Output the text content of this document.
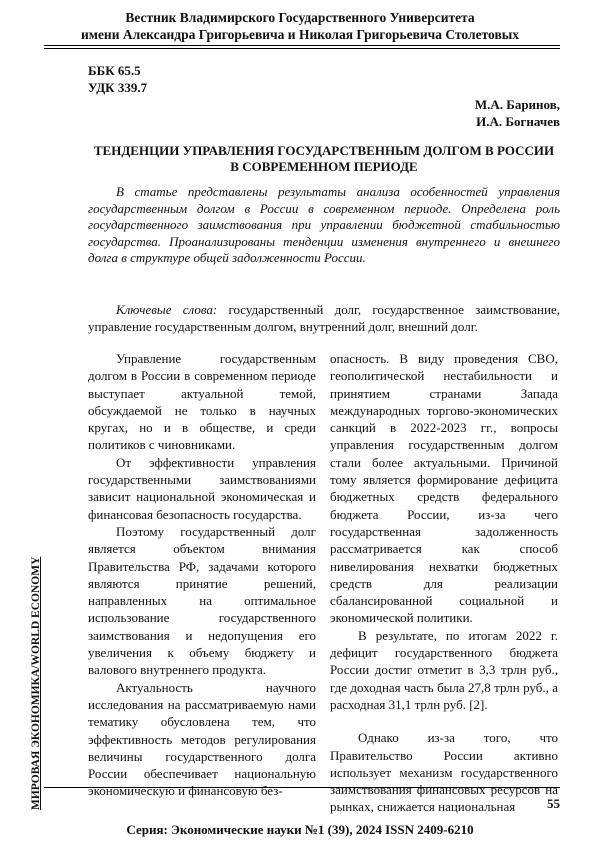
Вестник Владимирского Государственного Университета
имени Александра Григорьевича и Николая Григорьевича Столетовых
ББК 65.5
УДК 339.7
М.А. Баринов,
И.А. Богначев
ТЕНДЕНЦИИ УПРАВЛЕНИЯ ГОСУДАРСТВЕННЫМ ДОЛГОМ В РОССИИ В СОВРЕМЕННОМ ПЕРИОДЕ
В статье представлены результаты анализа особенностей управления государственным долгом в России в современном периоде. Определена роль государственного заимствования при управлении бюджетной стабильностью государства. Проанализированы тенденции изменения внутреннего и внешнего долга в структуре общей задолженности России.
Ключевые слова: государственный долг, государственное заимствование, управление государственным долгом, внутренний долг, внешний долг.

Управление государственным долгом в России в современном периоде выступает актуальной темой, обсуждаемой не только в научных кругах, но и в обществе, и среди политиков с чиновниками.

От эффективности управления государственными заимствованиями зависит национальной экономическая и финансовая безопасность государства.

Поэтому государственный долг является объектом внимания Правительства РФ, задачами которого являются принятие решений, направленных на оптимальное использование государственного заимствования и недопущения его увеличения к объему бюджету и валового внутреннего продукта.

Актуальность научного исследования на рассматриваемую нами тематику обусловлена тем, что эффективность методов регулирования величины государственного долга России обеспечивает национальную экономическую и финансовую без-

опасность. В виду проведения СВО, геополитической нестабильности и принятием странами Запада международных торгово-экономических санкций в 2022-2023 гг., вопросы управления государственным долгом стали более актуальными. Причиной тому является формирование дефицита бюджетных средств федерального бюджета России, из-за чего государственная задолженность рассматривается как способ нивелирования нехватки бюджетных средств для реализации сбалансированной социальной и экономической политики.

В результате, по итогам 2022 г. дефицит государственного бюджета России достиг отметит в 3,3 трлн руб., где доходная часть была 27,8 трлн руб., а расходная 31,1 трлн руб. [2].

Однако из-за того, что Правительство России активно использует механизм государственного заимствования финансовых ресурсов на рынках, снижается национальная

МИРОВАЯ ЭКОНОМИКА/WORLD ECONOMY	55
Серия: Экономические науки №1 (39), 2024 ISSN 2409-6210
